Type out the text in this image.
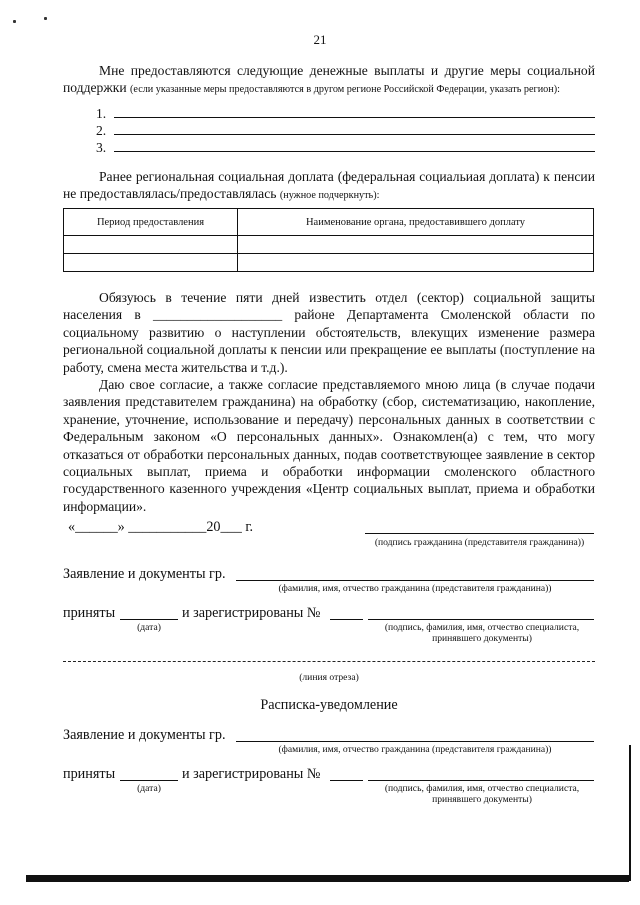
21
Мне предоставляются следующие денежные выплаты и другие меры социальной поддержки (если указанные меры предоставляются в другом регионе Российской Федерации, указать регион):
1.
2.
3.
Ранее региональная социальная доплата (федеральная социальиая доплата) к пенсии не предоставлялась/предоставлялась (нужное подчеркнуть):
Период предоставления	Наименование органа, предоставившего доплату

Обязуюсь в течение пяти дней известить отдел (сектор) социальной защиты населения в ___________________ районе Департамента Смоленской области по социальному развитию о наступлении обстоятельств, влекущих изменение размера региональной социальной доплаты к пенсии или прекращение ее выплаты (поступление на работу, смена места жительства и т.д.).
Даю свое согласие, а также согласие представляемого мною лица (в случае подачи заявления представителем гражданина) на обработку (сбор, систематизацию, накопление, хранение, уточнение, использование и передачу) персональных данных в соответствии с Федеральным законом «О персональных данных». Ознакомлен(а) с тем, что могу отказаться от обработки персональных данных, подав соответствующее заявление в сектор социальных выплат, приема и обработки информации смоленского областного государственного казенного учреждения «Центр социальных выплат, приема и обработки информации».
«______» ___________20___ г.
(подпись гражданина (представителя гражданина))
Заявление и документы гр.
(фамилия, имя, отчество гражданина (представителя гражданина))
приняты	и зарегистрированы №
(дата)	(подпись, фамилия, имя, отчество специалиста, принявшего документы)
(линия отреза)
Расписка-уведомление
Заявление и документы гр.
(фамилия, имя, отчество гражданина (представителя гражданина))
приняты	и зарегистрированы №
(дата)	(подпись, фамилия, имя, отчество специалиста, принявшего документы)
